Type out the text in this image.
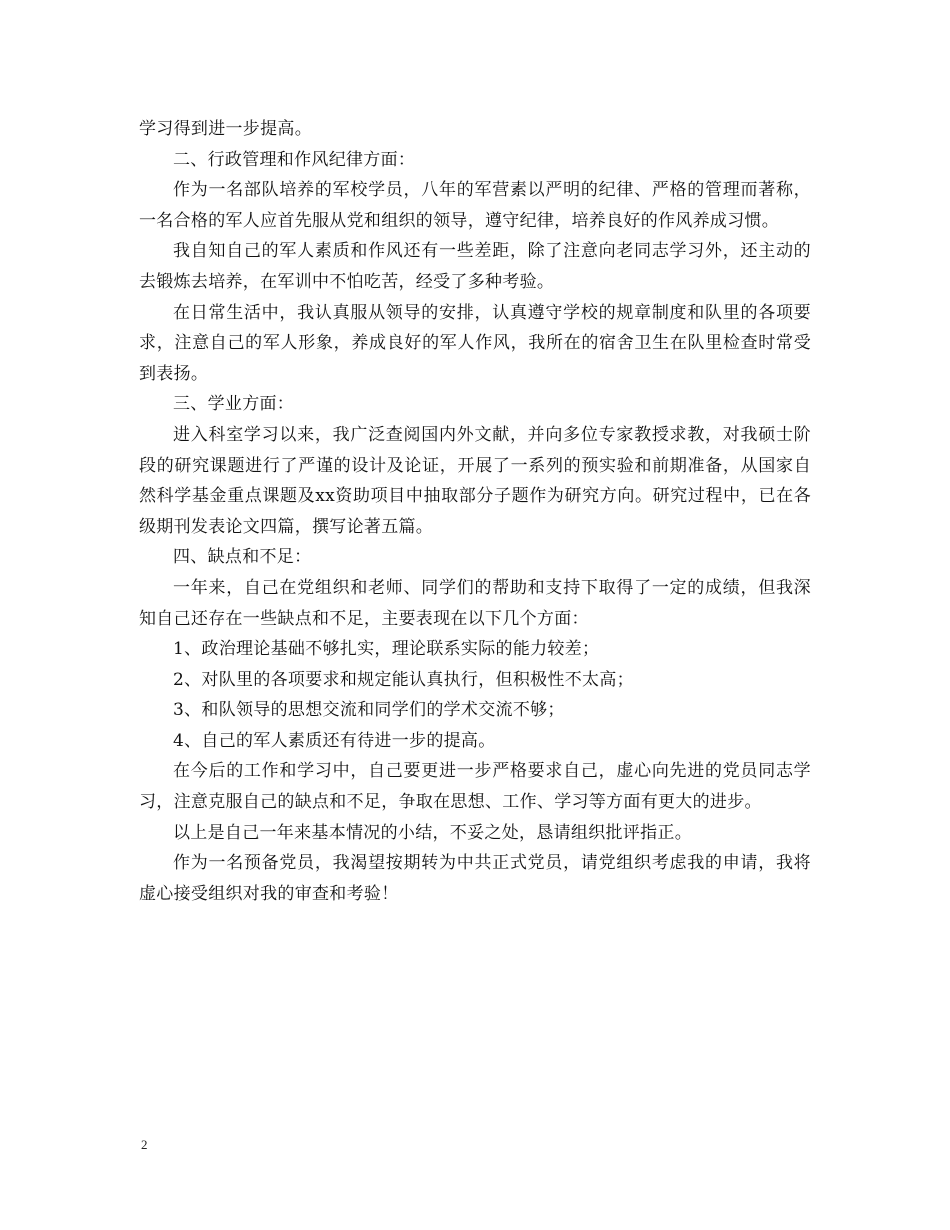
学习得到进一步提高。

二、行政管理和作风纪律方面：

作为一名部队培养的军校学员，八年的军营素以严明的纪律、严格的管理而著称，一名合格的军人应首先服从党和组织的领导，遵守纪律，培养良好的作风养成习惯。

我自知自己的军人素质和作风还有一些差距，除了注意向老同志学习外，还主动的去锻炼去培养，在军训中不怕吃苦，经受了多种考验。

在日常生活中，我认真服从领导的安排，认真遵守学校的规章制度和队里的各项要求，注意自己的军人形象，养成良好的军人作风，我所在的宿舍卫生在队里检查时常受到表扬。

三、学业方面：

进入科室学习以来，我广泛查阅国内外文献，并向多位专家教授求教，对我硕士阶段的研究课题进行了严谨的设计及论证，开展了一系列的预实验和前期准备，从国家自然科学基金重点课题及xx资助项目中抽取部分子题作为研究方向。研究过程中，已在各级期刊发表论文四篇，撰写论著五篇。

四、缺点和不足：

一年来，自己在党组织和老师、同学们的帮助和支持下取得了一定的成绩，但我深知自己还存在一些缺点和不足，主要表现在以下几个方面：

1、政治理论基础不够扎实，理论联系实际的能力较差；

2、对队里的各项要求和规定能认真执行，但积极性不太高；

3、和队领导的思想交流和同学们的学术交流不够；

4、自己的军人素质还有待进一步的提高。

在今后的工作和学习中，自己要更进一步严格要求自己，虚心向先进的党员同志学习，注意克服自己的缺点和不足，争取在思想、工作、学习等方面有更大的进步。

以上是自己一年来基本情况的小结，不妥之处，恳请组织批评指正。

作为一名预备党员，我渴望按期转为中共正式党员，请党组织考虑我的申请，我将虚心接受组织对我的审查和考验！

2
